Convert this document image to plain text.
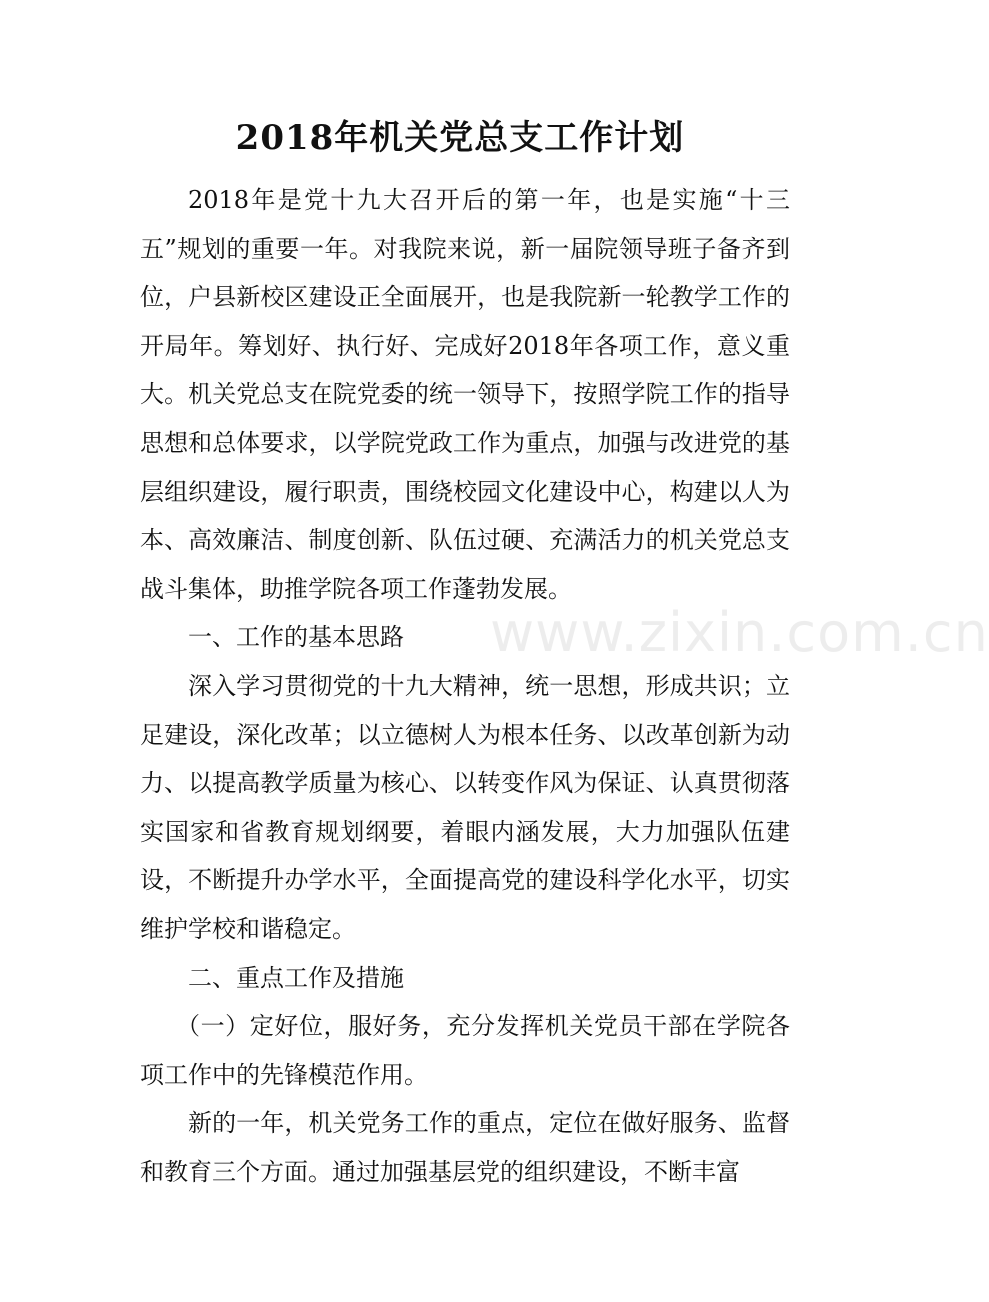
2018年机关党总支工作计划

2018年是党十九大召开后的第一年，也是实施“十三五”规划的重要一年。对我院来说，新一届院领导班子备齐到位，户县新校区建设正全面展开，也是我院新一轮教学工作的开局年。筹划好、执行好、完成好2018年各项工作，意义重大。机关党总支在院党委的统一领导下，按照学院工作的指导思想和总体要求，以学院党政工作为重点，加强与改进党的基层组织建设，履行职责，围绕校园文化建设中心，构建以人为本、高效廉洁、制度创新、队伍过硬、充满活力的机关党总支战斗集体，助推学院各项工作蓬勃发展。

一、工作的基本思路

深入学习贯彻党的十九大精神，统一思想，形成共识；立足建设，深化改革；以立德树人为根本任务、以改革创新为动力、以提高教学质量为核心、以转变作风为保证、认真贯彻落实国家和省教育规划纲要，着眼内涵发展，大力加强队伍建设，不断提升办学水平，全面提高党的建设科学化水平，切实维护学校和谐稳定。

二、重点工作及措施

（一）定好位，服好务，充分发挥机关党员干部在学院各项工作中的先锋模范作用。

新的一年，机关党务工作的重点，定位在做好服务、监督和教育三个方面。通过加强基层党的组织建设，不断丰富

www.zixin.com.cn
